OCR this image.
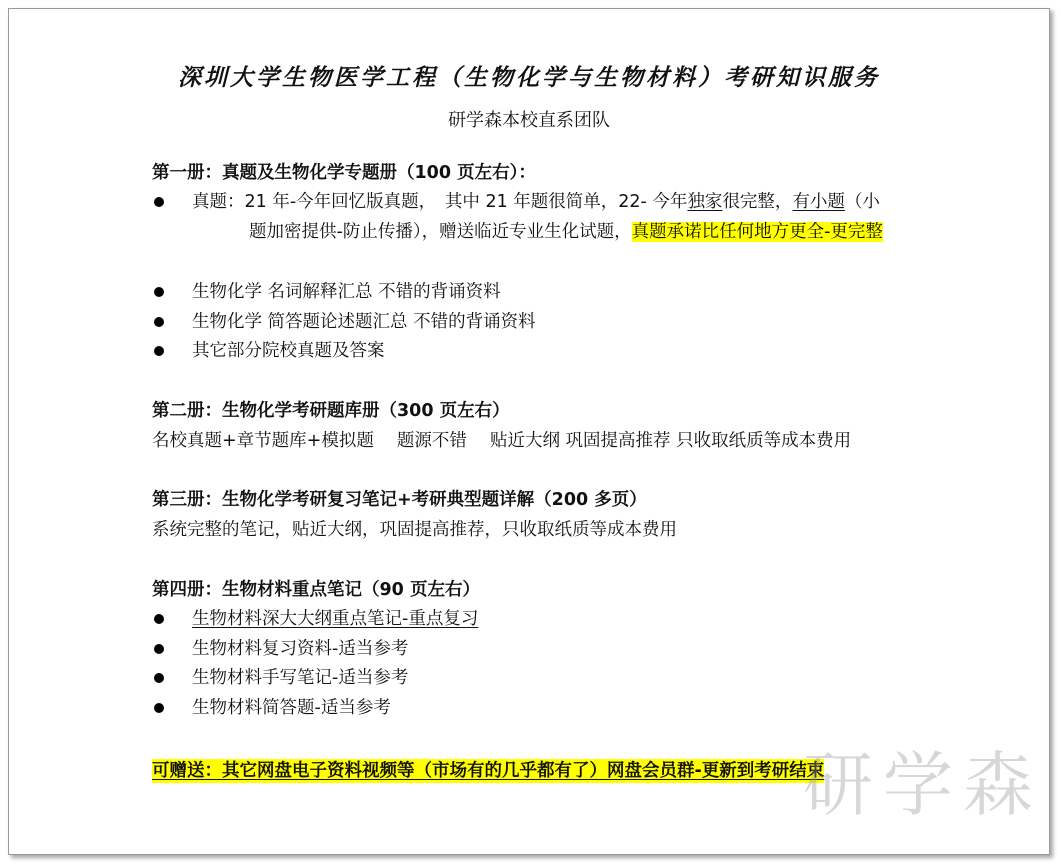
深圳大学生物医学工程（生物化学与生物材料）考研知识服务
研学森本校直系团队
第一册：真题及生物化学专题册（100 页左右）：
真题：21 年-今年回忆版真题，　其中 21 年题很简单，22- 今年独家很完整，有小题（小
题加密提供-防止传播），赠送临近专业生化试题，真题承诺比任何地方更全-更完整
生物化学 名词解释汇总 不错的背诵资料
生物化学 简答题论述题汇总 不错的背诵资料
其它部分院校真题及答案
第二册：生物化学考研题库册（300 页左右）
名校真题+章节题库+模拟题　 题源不错　 贴近大纲 巩固提高推荐 只收取纸质等成本费用
第三册：生物化学考研复习笔记+考研典型题详解（200 多页）
系统完整的笔记，贴近大纲，巩固提高推荐，只收取纸质等成本费用
第四册：生物材料重点笔记（90 页左右）
生物材料深大大纲重点笔记-重点复习
生物材料复习资料-适当参考
生物材料手写笔记-适当参考
生物材料简答题-适当参考
可赠送：其它网盘电子资料视频等（市场有的几乎都有了）网盘会员群-更新到考研结束
研学森
